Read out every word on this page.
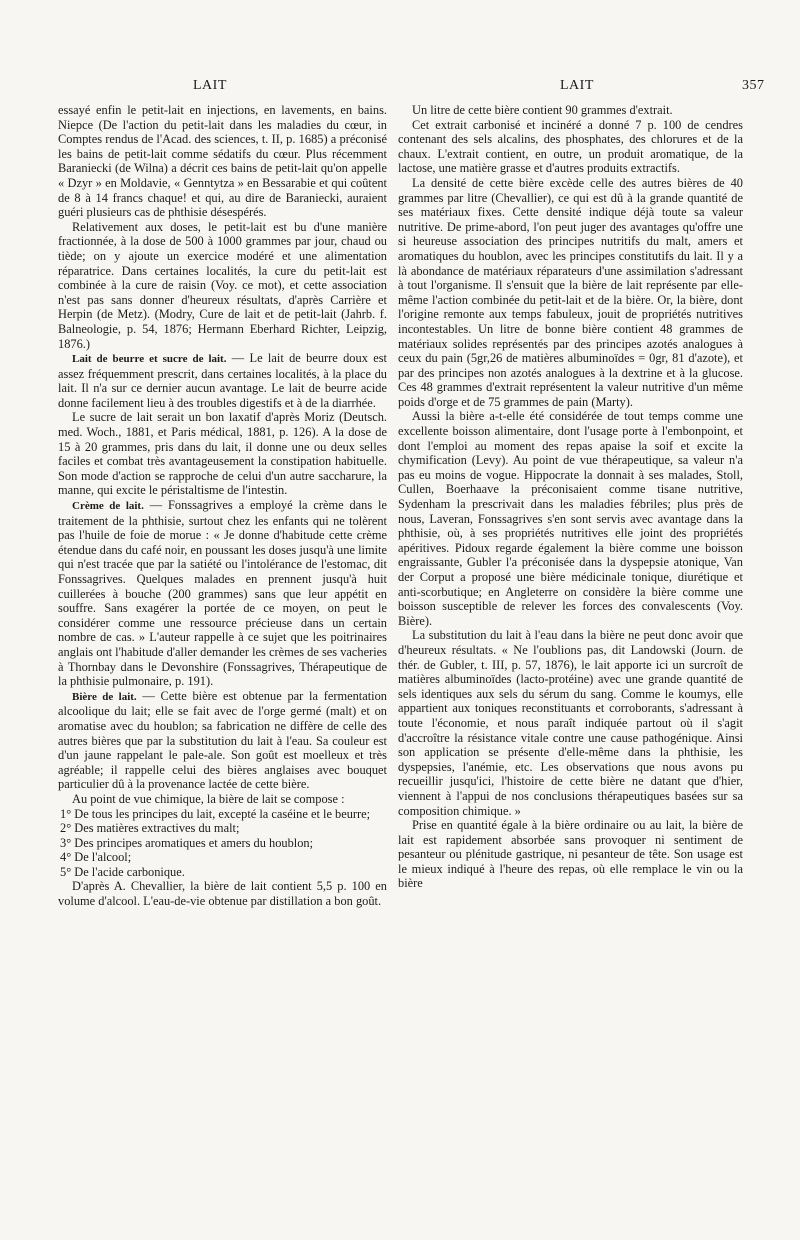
LAIT	LAIT	357

essayé enfin le petit-lait en injections, en lavements, en bains. Niepce (De l'action du petit-lait dans les maladies du cœur, in Comptes rendus de l'Acad. des sciences, t. II, p. 1685) a préconisé les bains de petit-lait comme sédatifs du cœur. Plus récemment Baraniecki (de Wilna) a décrit ces bains de petit-lait qu'on appelle « Dzyr » en Moldavie, « Genntytza » en Bessarabie et qui coûtent de 8 à 14 francs chaque! et qui, au dire de Baraniecki, auraient guéri plusieurs cas de phthisie désespérés.

Relativement aux doses, le petit-lait est bu d'une manière fractionnée, à la dose de 500 à 1000 grammes par jour, chaud ou tiède; on y ajoute un exercice modéré et une alimentation réparatrice. Dans certaines localités, la cure du petit-lait est combinée à la cure de raisin (Voy. ce mot), et cette association n'est pas sans donner d'heureux résultats, d'après Carrière et Herpin (de Metz). (Modry, Cure de lait et de petit-lait (Jahrb. f. Balneologie, p. 54, 1876; Hermann Eberhard Richter, Leipzig, 1876.)

Lait de beurre et sucre de lait. — Le lait de beurre doux est assez fréquemment prescrit, dans certaines localités, à la place du lait. Il n'a sur ce dernier aucun avantage. Le lait de beurre acide donne facilement lieu à des troubles digestifs et à de la diarrhée.

Le sucre de lait serait un bon laxatif d'après Moriz (Deutsch. med. Woch., 1881, et Paris médical, 1881, p. 126). A la dose de 15 à 20 grammes, pris dans du lait, il donne une ou deux selles faciles et combat très avantageusement la constipation habituelle. Son mode d'action se rapproche de celui d'un autre saccharure, la manne, qui excite le péristaltisme de l'intestin.

Crème de lait. — Fonssagrives a employé la crème dans le traitement de la phthisie, surtout chez les enfants qui ne tolèrent pas l'huile de foie de morue : « Je donne d'habitude cette crème étendue dans du café noir, en poussant les doses jusqu'à une limite qui n'est tracée que par la satiété ou l'intolérance de l'estomac, dit Fonssagrives. Quelques malades en prennent jusqu'à huit cuillerées à bouche (200 grammes) sans que leur appétit en souffre. Sans exagérer la portée de ce moyen, on peut le considérer comme une ressource précieuse dans un certain nombre de cas. » L'auteur rappelle à ce sujet que les poitrinaires anglais ont l'habitude d'aller demander les crèmes de ses vacheries à Thornbay dans le Devonshire (Fonssagrives, Thérapeutique de la phthisie pulmonaire, p. 191).

Bière de lait. — Cette bière est obtenue par la fermentation alcoolique du lait; elle se fait avec de l'orge germé (malt) et on aromatise avec du houblon; sa fabrication ne diffère de celle des autres bières que par la substitution du lait à l'eau. Sa couleur est d'un jaune rappelant le pale-ale. Son goût est moelleux et très agréable; il rappelle celui des bières anglaises avec bouquet particulier dû à la provenance lactée de cette bière.

Au point de vue chimique, la bière de lait se compose :

1° De tous les principes du lait, excepté la caséine et le beurre;

2° Des matières extractives du malt;

3° Des principes aromatiques et amers du houblon;

4° De l'alcool;

5° De l'acide carbonique.

D'après A. Chevallier, la bière de lait contient 5,5 p. 100 en volume d'alcool. L'eau-de-vie obtenue par distillation a bon goût.

Un litre de cette bière contient 90 grammes d'extrait.

Cet extrait carbonisé et incinéré a donné 7 p. 100 de cendres contenant des sels alcalins, des phosphates, des chlorures et de la chaux. L'extrait contient, en outre, un produit aromatique, de la lactose, une matière grasse et d'autres produits extractifs.

La densité de cette bière excède celle des autres bières de 40 grammes par litre (Chevallier), ce qui est dû à la grande quantité de ses matériaux fixes. Cette densité indique déjà toute sa valeur nutritive. De prime-abord, l'on peut juger des avantages qu'offre une si heureuse association des principes nutritifs du malt, amers et aromatiques du houblon, avec les principes constitutifs du lait. Il y a là abondance de matériaux réparateurs d'une assimilation s'adressant à tout l'organisme. Il s'ensuit que la bière de lait représente par elle-même l'action combinée du petit-lait et de la bière. Or, la bière, dont l'origine remonte aux temps fabuleux, jouit de propriétés nutritives incontestables. Un litre de bonne bière contient 48 grammes de matériaux solides représentés par des principes azotés analogues à ceux du pain (5gr,26 de matières albuminoïdes = 0gr, 81 d'azote), et par des principes non azotés analogues à la dextrine et à la glucose. Ces 48 grammes d'extrait représentent la valeur nutritive d'un même poids d'orge et de 75 grammes de pain (Marty).

Aussi la bière a-t-elle été considérée de tout temps comme une excellente boisson alimentaire, dont l'usage porte à l'embonpoint, et dont l'emploi au moment des repas apaise la soif et excite la chymification (Levy). Au point de vue thérapeutique, sa valeur n'a pas eu moins de vogue. Hippocrate la donnait à ses malades, Stoll, Cullen, Boerhaave la préconisaient comme tisane nutritive, Sydenham la prescrivait dans les maladies fébriles; plus près de nous, Laveran, Fonssagrives s'en sont servis avec avantage dans la phthisie, où, à ses propriétés nutritives elle joint des propriétés apéritives. Pidoux regarde également la bière comme une boisson engraissante, Gubler l'a préconisée dans la dyspepsie atonique, Van der Corput a proposé une bière médicinale tonique, diurétique et anti-scorbutique; en Angleterre on considère la bière comme une boisson susceptible de relever les forces des convalescents (Voy. Bière).

La substitution du lait à l'eau dans la bière ne peut donc avoir que d'heureux résultats. « Ne l'oublions pas, dit Landowski (Journ. de thér. de Gubler, t. III, p. 57, 1876), le lait apporte ici un surcroît de matières albuminoïdes (lacto-protéine) avec une grande quantité de sels identiques aux sels du sérum du sang. Comme le koumys, elle appartient aux toniques reconstituants et corroborants, s'adressant à toute l'économie, et nous paraît indiquée partout où il s'agit d'accroître la résistance vitale contre une cause pathogénique. Ainsi son application se présente d'elle-même dans la phthisie, les dyspepsies, l'anémie, etc. Les observations que nous avons pu recueillir jusqu'ici, l'histoire de cette bière ne datant que d'hier, viennent à l'appui de nos conclusions thérapeutiques basées sur sa composition chimique. »

Prise en quantité égale à la bière ordinaire ou au lait, la bière de lait est rapidement absorbée sans provoquer ni sentiment de pesanteur ou plénitude gastrique, ni pesanteur de tête. Son usage est le mieux indiqué à l'heure des repas, où elle remplace le vin ou la bière
